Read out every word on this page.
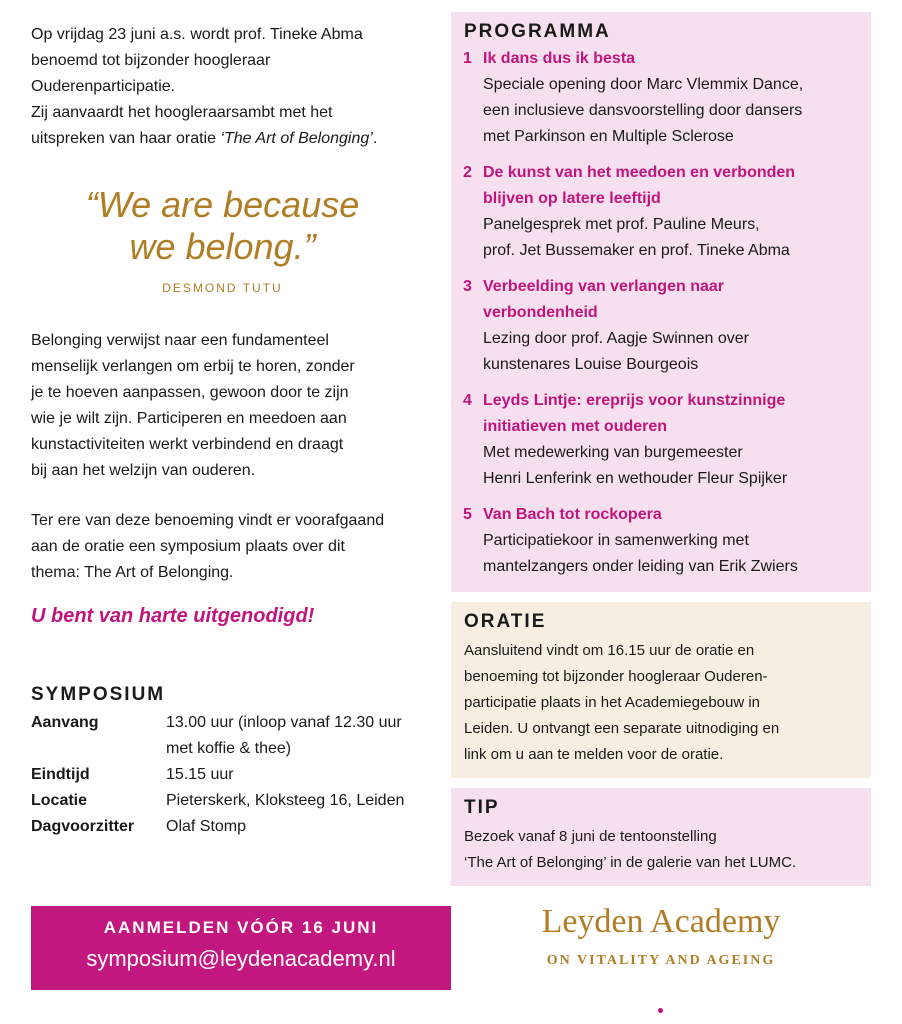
Op vrijdag 23 juni a.s. wordt prof. Tineke Abma

benoemd tot bijzonder hoogleraar

Ouderenparticipatie.

Zij aanvaardt het hoogleraarsambt met het

uitspreken van haar oratie ‘The Art of Belonging’.

“We are because
we belong.”
DESMOND TUTU

Belonging verwijst naar een fundamenteel

menselijk verlangen om erbij te horen, zonder

je te hoeven aanpassen, gewoon door te zijn

wie je wilt zijn. Participeren en meedoen aan

kunstactiviteiten werkt verbindend en draagt

bij aan het welzijn van ouderen.

Ter ere van deze benoeming vindt er voorafgaand

aan de oratie een symposium plaats over dit

thema: The Art of Belonging.

U bent van harte uitgenodigd!
SYMPOSIUM
Aanvang	13.00 uur (inloop vanaf 12.30 uur
met koffie & thee)
Eindtijd	15.15 uur
Locatie	Pieterskerk, Kloksteeg 16, Leiden
Dagvoorzitter	Olaf Stomp
AANMELDEN VÓÓR 16 JUNI
symposium@leydenacademy.nl
PROGRAMMA
1 Ik dans dus ik besta
Speciale opening door Marc Vlemmix Dance,
een inclusieve dansvoorstelling door dansers
met Parkinson en Multiple Sclerose
2 De kunst van het meedoen en verbonden
blijven op latere leeftijd
Panelgesprek met prof. Pauline Meurs,
prof. Jet Bussemaker en prof. Tineke Abma
3 Verbeelding van verlangen naar
verbondenheid
Lezing door prof. Aagje Swinnen over
kunstenares Louise Bourgeois
4 Leyds Lintje: ereprijs voor kunstzinnige
initiatieven met ouderen
Met medewerking van burgemeester
Henri Lenferink en wethouder Fleur Spijker
5 Van Bach tot rockopera
Participatiekoor in samenwerking met
mantelzangers onder leiding van Erik Zwiers
ORATIE
Aansluitend vindt om 16.15 uur de oratie en
benoeming tot bijzonder hoogleraar Ouderen-
participatie plaats in het Academiegebouw in
Leiden. U ontvangt een separate uitnodiging en
link om u aan te melden voor de oratie.
TIP
Bezoek vanaf 8 juni de tentoonstelling
‘The Art of Belonging’ in de galerie van het LUMC.
Leyden Academy
ON VITALITY AND AGEING
